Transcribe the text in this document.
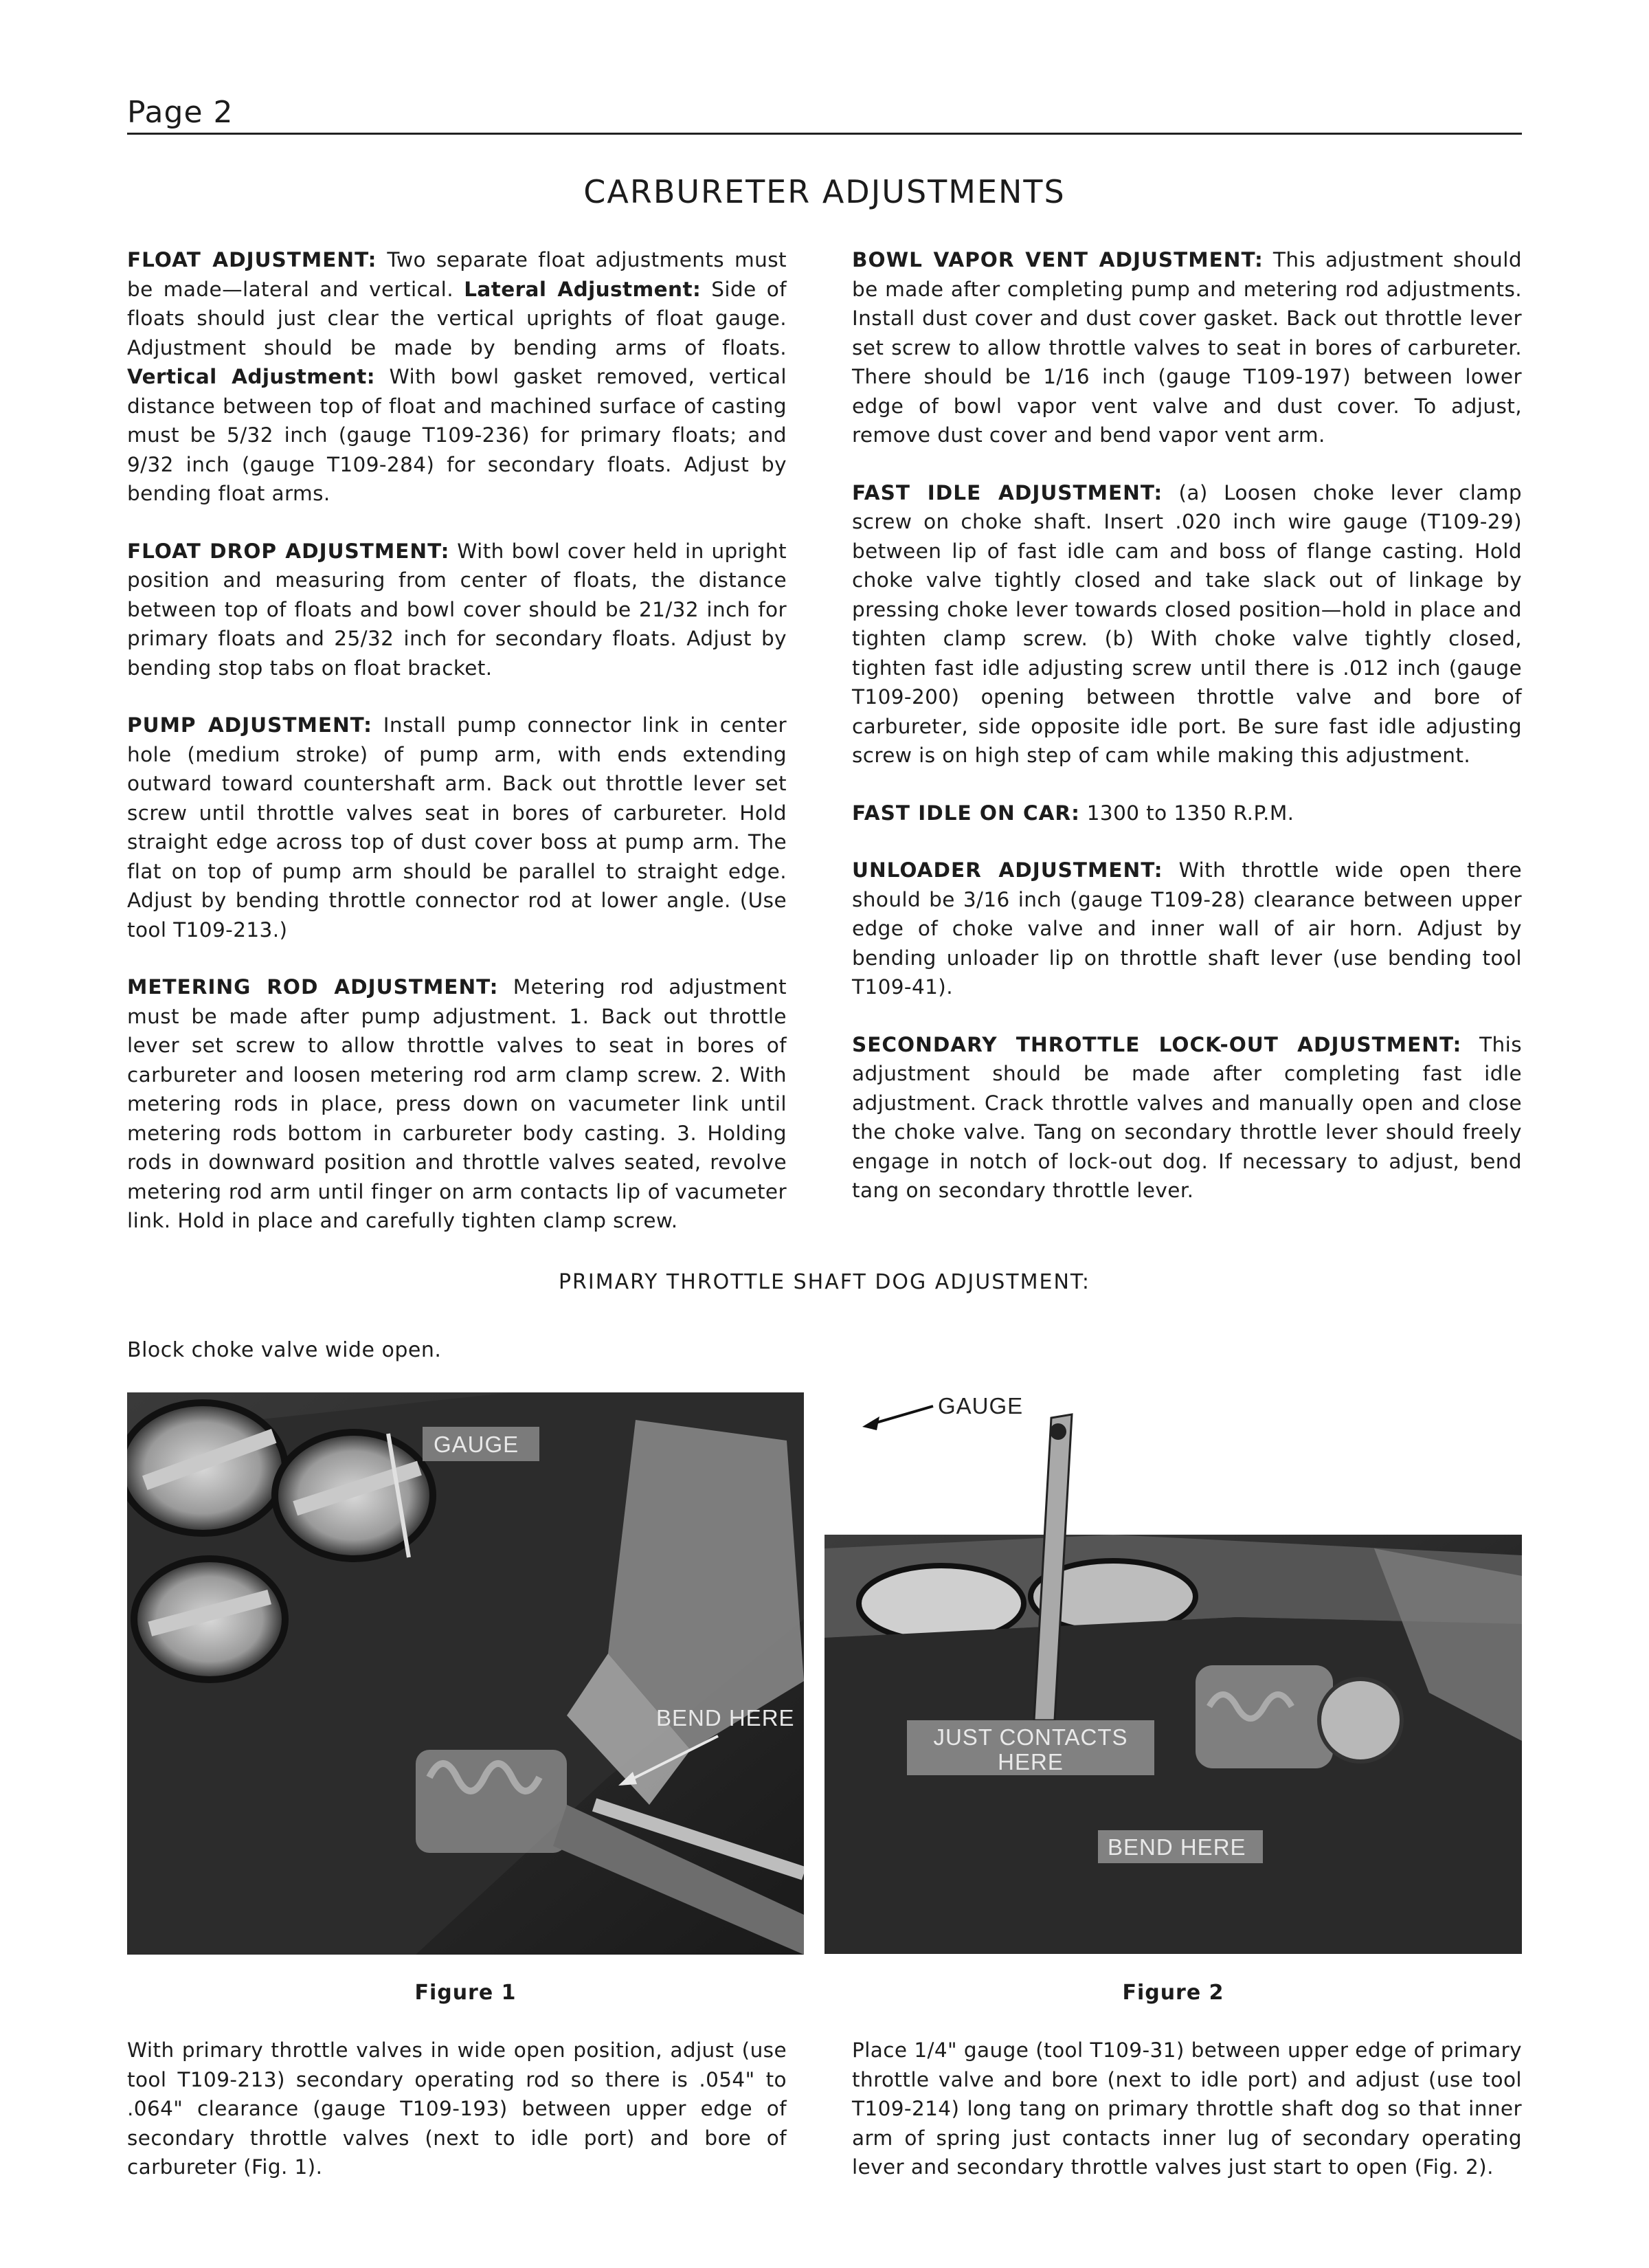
Page 2
CARBURETER ADJUSTMENTS

FLOAT ADJUSTMENT: Two separate float adjustments must be made—lateral and vertical. Lateral Adjustment: Side of floats should just clear the vertical uprights of float gauge. Adjustment should be made by bending arms of floats. Vertical Adjustment: With bowl gasket removed, vertical distance between top of float and machined surface of casting must be 5/32 inch (gauge T109-236) for primary floats; and 9/32 inch (gauge T109-284) for secondary floats. Adjust by bending float arms.

FLOAT DROP ADJUSTMENT: With bowl cover held in upright position and measuring from center of floats, the distance between top of floats and bowl cover should be 21/32 inch for primary floats and 25/32 inch for secondary floats. Adjust by bending stop tabs on float bracket.

PUMP ADJUSTMENT: Install pump connector link in center hole (medium stroke) of pump arm, with ends extending outward toward countershaft arm. Back out throttle lever set screw until throttle valves seat in bores of carbureter. Hold straight edge across top of dust cover boss at pump arm. The flat on top of pump arm should be parallel to straight edge. Adjust by bending throttle connector rod at lower angle. (Use tool T109-213.)

METERING ROD ADJUSTMENT: Metering rod adjustment must be made after pump adjustment. 1. Back out throttle lever set screw to allow throttle valves to seat in bores of carbureter and loosen metering rod arm clamp screw. 2. With metering rods in place, press down on vacumeter link until metering rods bottom in carbureter body casting. 3. Holding rods in downward position and throttle valves seated, revolve metering rod arm until finger on arm contacts lip of vacumeter link. Hold in place and carefully tighten clamp screw.

BOWL VAPOR VENT ADJUSTMENT: This adjustment should be made after completing pump and metering rod adjustments. Install dust cover and dust cover gasket. Back out throttle lever set screw to allow throttle valves to seat in bores of carbureter. There should be 1/16 inch (gauge T109-197) between lower edge of bowl vapor vent valve and dust cover. To adjust, remove dust cover and bend vapor vent arm.

FAST IDLE ADJUSTMENT: (a) Loosen choke lever clamp screw on choke shaft. Insert .020 inch wire gauge (T109-29) between lip of fast idle cam and boss of flange casting. Hold choke valve tightly closed and take slack out of linkage by pressing choke lever towards closed position—hold in place and tighten clamp screw. (b) With choke valve tightly closed, tighten fast idle adjusting screw until there is .012 inch (gauge T109-200) opening between throttle valve and bore of carbureter, side opposite idle port. Be sure fast idle adjusting screw is on high step of cam while making this adjustment.

FAST IDLE ON CAR: 1300 to 1350 R.P.M.

UNLOADER ADJUSTMENT: With throttle wide open there should be 3/16 inch (gauge T109-28) clearance between upper edge of choke valve and inner wall of air horn. Adjust by bending unloader lip on throttle shaft lever (use bending tool T109-41).

SECONDARY THROTTLE LOCK-OUT ADJUSTMENT: This adjustment should be made after completing fast idle adjustment. Crack throttle valves and manually open and close the choke valve. Tang on secondary throttle lever should freely engage in notch of lock-out dog. If necessary to adjust, bend tang on secondary throttle lever.

PRIMARY THROTTLE SHAFT DOG ADJUSTMENT:
Block choke valve wide open.
GAUGE
BEND HERE
JUST CONTACTS
HERE
BEND HERE
GAUGE
Figure 1	Figure 2

With primary throttle valves in wide open position, adjust (use tool T109-213) secondary operating rod so there is .054" to .064" clearance (gauge T109-193) between upper edge of secondary throttle valves (next to idle port) and bore of carbureter (Fig. 1).

Place 1/4" gauge (tool T109-31) between upper edge of primary throttle valve and bore (next to idle port) and adjust (use tool T109-214) long tang on primary throttle shaft dog so that inner arm of spring just contacts inner lug of secondary operating lever and secondary throttle valves just start to open (Fig. 2).
